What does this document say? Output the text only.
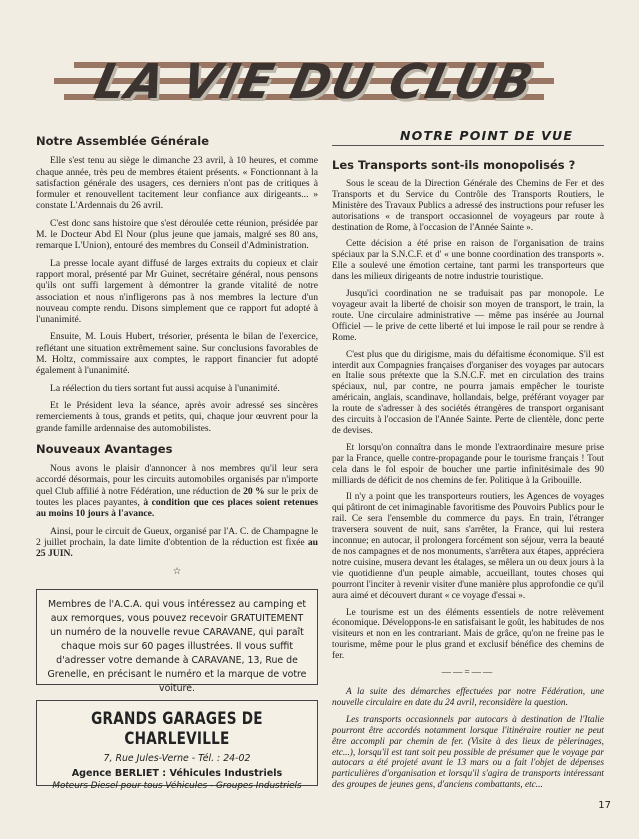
LA VIE DU CLUB
NOTRE POINT DE VUE
Notre Assemblée Générale

Elle s'est tenu au siège le dimanche 23 avril, à 10 heures, et comme chaque année, très peu de membres étaient présents. « Fonctionnant à la satisfaction générale des usagers, ces derniers n'ont pas de critiques à formuler et renouvellent tacitement leur confiance aux dirigeants... » constate L'Ardennais du 26 avril.

C'est donc sans histoire que s'est déroulée cette réunion, présidée par M. le Docteur Abd El Nour (plus jeune que jamais, malgré ses 80 ans, remarque L'Union), entouré des membres du Conseil d'Administration.

La presse locale ayant diffusé de larges extraits du copieux et clair rapport moral, présenté par Mr Guinet, secrétaire général, nous pensons qu'ils ont suffi largement à démontrer la grande vitalité de notre association et nous n'infligerons pas à nos membres la lecture d'un nouveau compte rendu. Disons simplement que ce rapport fut adopté à l'unanimité.

Ensuite, M. Louis Hubert, trésorier, présenta le bilan de l'exercice, reflétant une situation extrêmement saine. Sur conclusions favorables de M. Holtz, commissaire aux comptes, le rapport financier fut adopté également à l'unanimité.

La réélection du tiers sortant fut aussi acquise à l'unanimité.

Et le Président leva la séance, après avoir adressé ses sincères remerciements à tous, grands et petits, qui, chaque jour œuvrent pour la grande famille ardennaise des automobilistes.

Nouveaux Avantages

Nous avons le plaisir d'annoncer à nos membres qu'il leur sera accordé désormais, pour les circuits automobiles organisés par n'importe quel Club affilié à notre Fédération, une réduction de 20 % sur le prix de toutes les places payantes, à condition que ces places soient retenues au moins 10 jours à l'avance.

Ainsi, pour le circuit de Gueux, organisé par l'A. C. de Champagne le 2 juillet prochain, la date limite d'obtention de la réduction est fixée au 25 JUIN.

☆
Membres de l'A.C.A. qui vous intéressez au camping et aux remorques, vous pouvez recevoir GRATUITEMENT un numéro de la nouvelle revue CARAVANE, qui paraît chaque mois sur 60 pages illustrées. Il vous suffit d'adresser votre demande à CARAVANE, 13, Rue de Grenelle, en précisant le numéro et la marque de votre voiture.
GRANDS GARAGES DE CHARLEVILLE
7, Rue Jules-Verne - Tél. : 24-02
Agence BERLIET : Véhicules Industriels
Moteurs Diesel pour tous Véhicules - Groupes Industriels
Les Transports sont-ils monopolisés ?

Sous le sceau de la Direction Générale des Chemins de Fer et des Transports et du Service du Contrôle des Transports Routiers, le Ministère des Travaux Publics a adressé des instructions pour refuser les autorisations « de transport occasionnel de voyageurs par route à destination de Rome, à l'occasion de l'Année Sainte ».

Cette décision a été prise en raison de l'organisation de trains spéciaux par la S.N.C.F. et d' « une bonne coordination des transports ». Elle a soulevé une émotion certaine, tant parmi les transporteurs que dans les milieux dirigeants de notre industrie touristique.

Jusqu'ici coordination ne se traduisait pas par monopole. Le voyageur avait la liberté de choisir son moyen de transport, le train, la route. Une circulaire administrative — même pas insérée au Journal Officiel — le prive de cette liberté et lui impose le rail pour se rendre à Rome.

C'est plus que du dirigisme, mais du défaitisme économique. S'il est interdit aux Compagnies françaises d'organiser des voyages par autocars en Italie sous prétexte que la S.N.C.F. met en circulation des trains spéciaux, nul, par contre, ne pourra jamais empêcher le touriste américain, anglais, scandinave, hollandais, belge, préférant voyager par la route de s'adresser à des sociétés étrangères de transport organisant des circuits à l'occasion de l'Année Sainte. Perte de clientèle, donc perte de devises.

Et lorsqu'on connaîtra dans le monde l'extraordinaire mesure prise par la France, quelle contre-propagande pour le tourisme français ! Tout cela dans le fol espoir de boucher une partie infinitésimale des 90 milliards de déficit de nos chemins de fer. Politique à la Gribouille.

Il n'y a point que les transporteurs routiers, les Agences de voyages qui pâtiront de cet inimaginable favoritisme des Pouvoirs Publics pour le rail. Ce sera l'ensemble du commerce du pays. En train, l'étranger traversera souvent de nuit, sans s'arrêter, la France, qui lui restera inconnue; en autocar, il prolongera forcément son séjour, verra la beauté de nos campagnes et de nos monuments, s'arrêtera aux étapes, appréciera notre cuisine, musera devant les étalages, se mêlera un ou deux jours à la vie quotidienne d'un peuple aimable, accueillant, toutes choses qui pourront l'inciter à revenir visiter d'une manière plus approfondie ce qu'il aura aimé et découvert durant « ce voyage d'essai ».

Le tourisme est un des éléments essentiels de notre relèvement économique. Développons-le en satisfaisant le goût, les habitudes de nos visiteurs et non en les contrariant. Mais de grâce, qu'on ne freine pas le tourisme, même pour le plus grand et exclusif bénéfice des chemins de fer.

——=——

A la suite des démarches effectuées par notre Fédération, une nouvelle circulaire en date du 24 avril, reconsidère la question.

Les transports occasionnels par autocars à destination de l'Italie pourront être accordés notamment lorsque l'itinéraire routier ne peut être accompli par chemin de fer. (Visite à des lieux de pèlerinages, etc...), lorsqu'il est tant soit peu possible de présumer que le voyage par autocars a été projeté avant le 13 mars ou a fait l'objet de dépenses particulières d'organisation et lorsqu'il s'agira de transports intéressant des groupes de jeunes gens, d'anciens combattants, etc...

17
